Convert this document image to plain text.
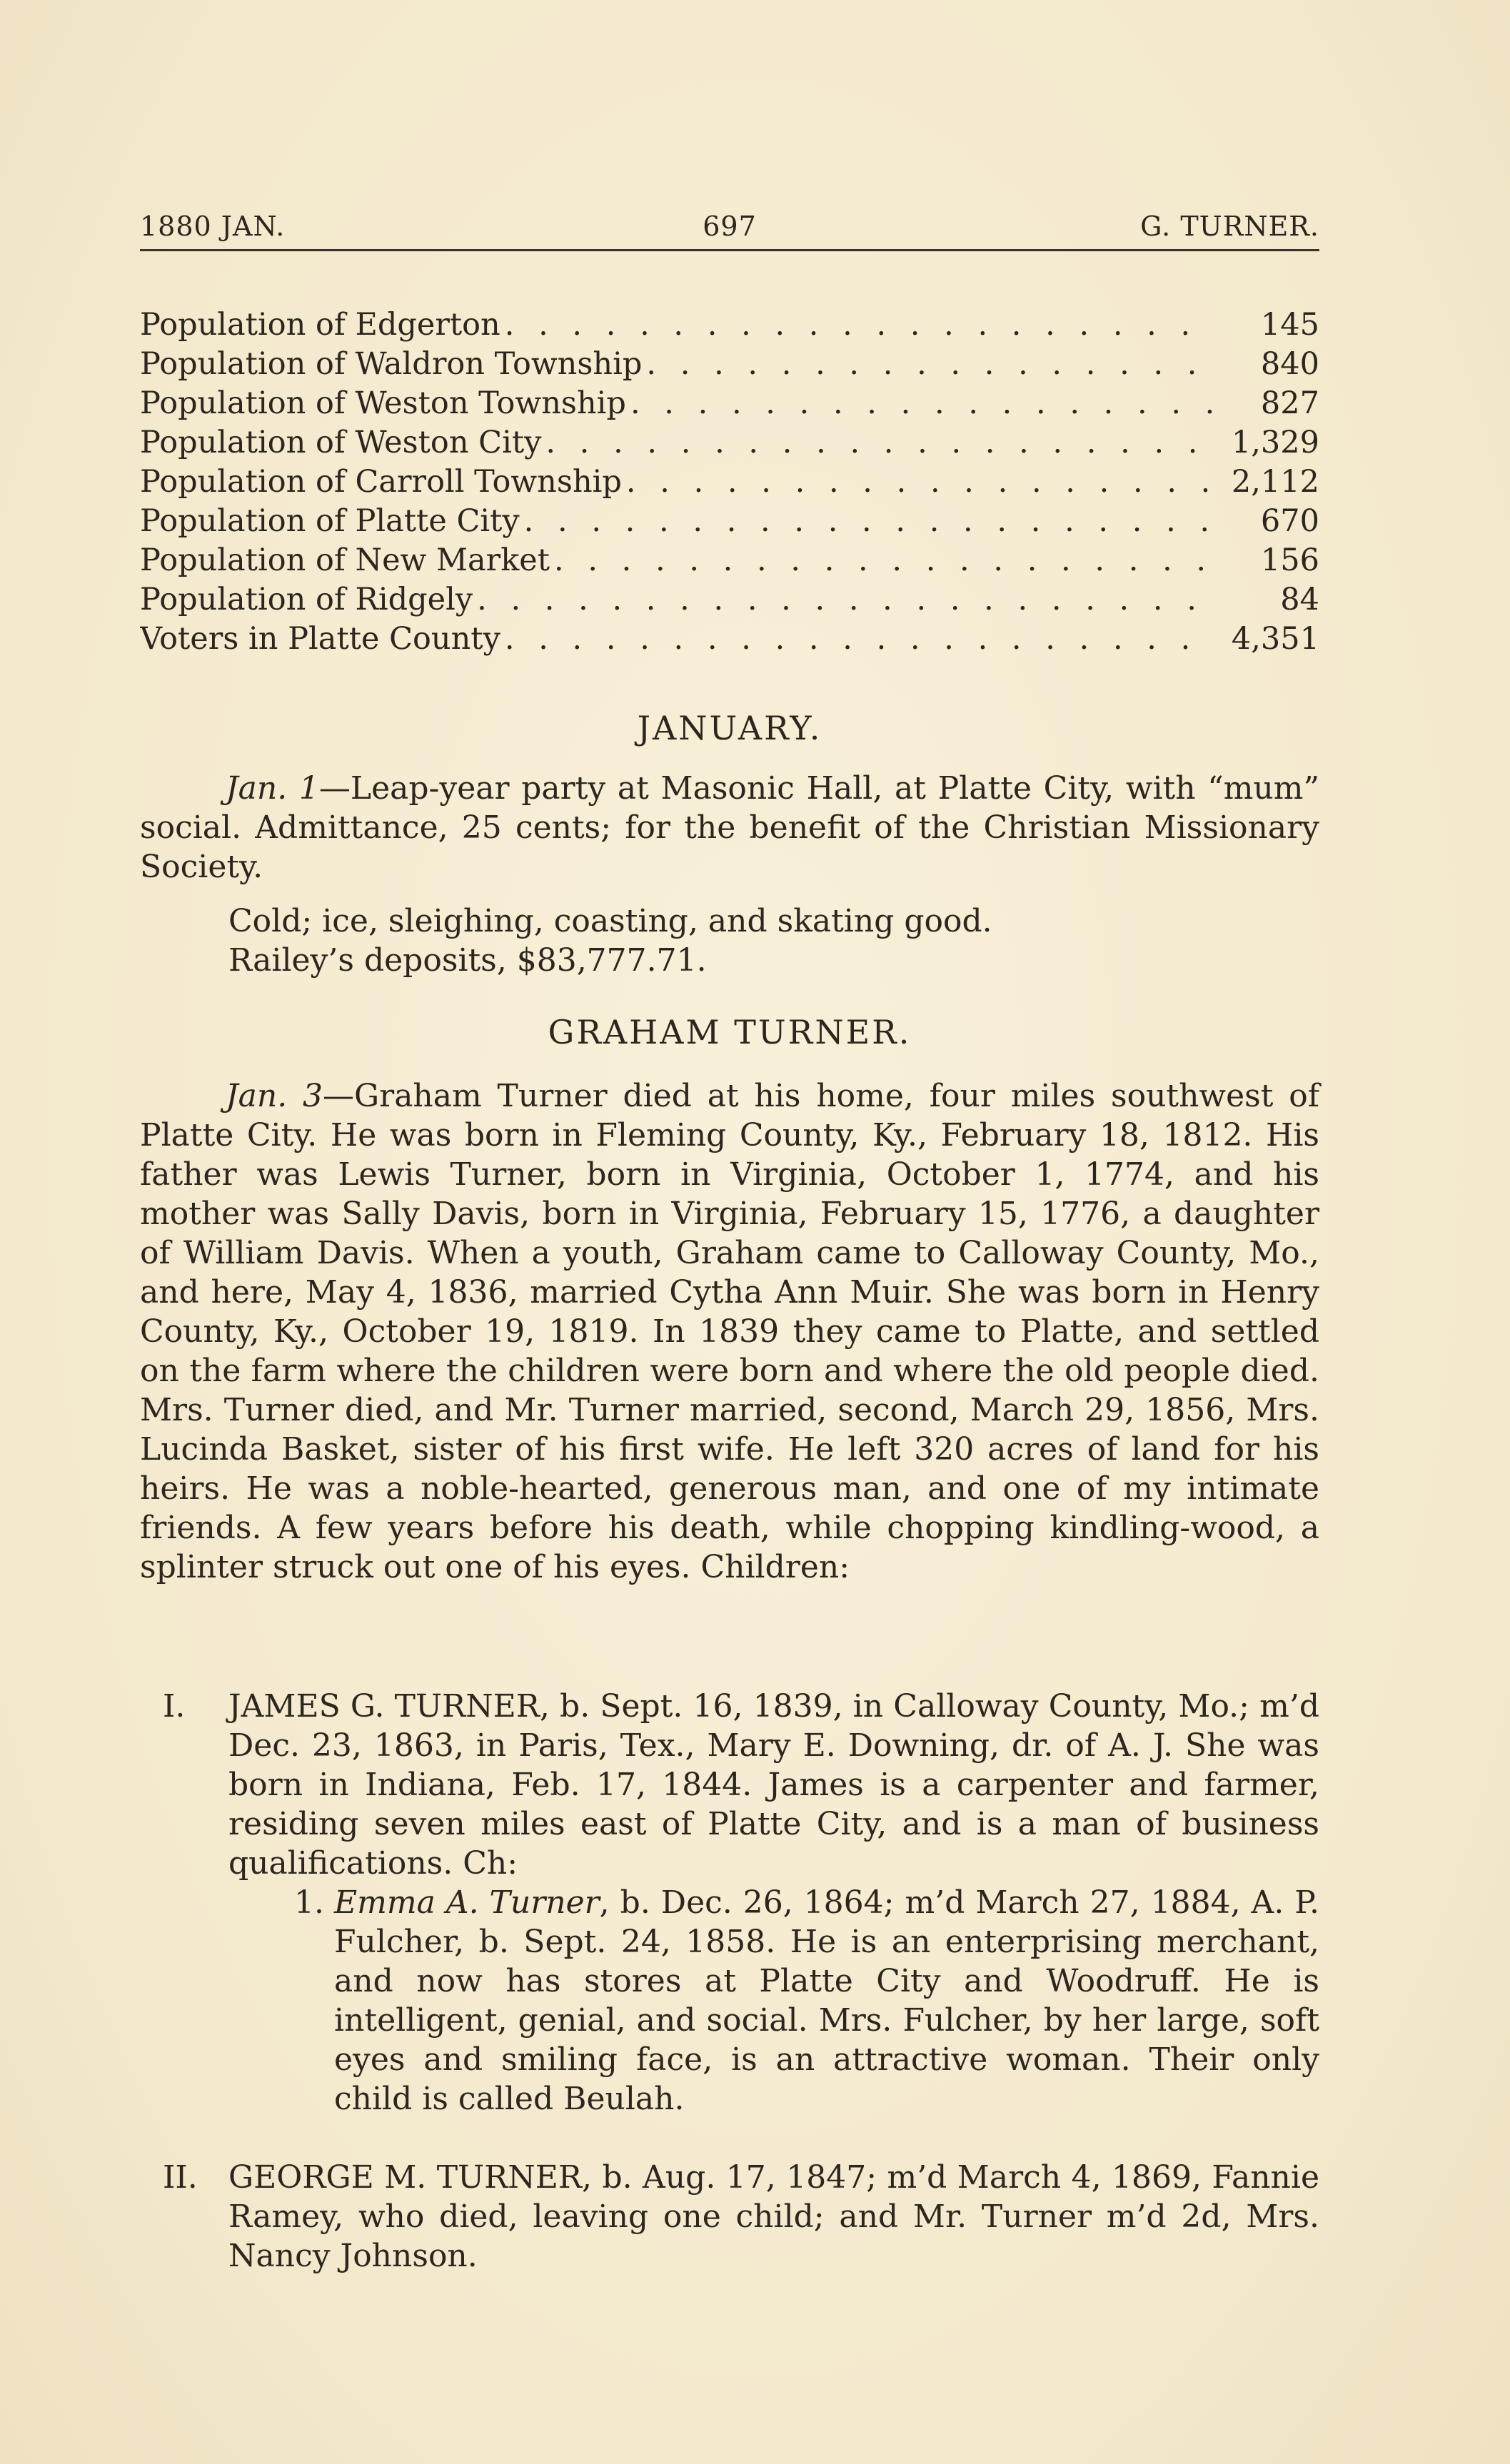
1880 JAN.	697	G. TURNER.
Population of Edgerton . . .	145
Population of Waldron Township . . .	840
Population of Weston Township . . .	827
Population of Weston City . . .	1,329
Population of Carroll Township . . .	2,112
Population of Platte City . . .	670
Population of New Market . . .	156
Population of Ridgely . . .	84
Voters in Platte County . . .	4,351
JANUARY.

Jan. 1—Leap-year party at Masonic Hall, at Platte City, with “mum” social. Admittance, 25 cents; for the benefit of the Christian Missionary Society.

Cold; ice, sleighing, coasting, and skating good.
Railey’s deposits, $83,777.71.
GRAHAM TURNER.

Jan. 3—Graham Turner died at his home, four miles southwest of Platte City. He was born in Fleming County, Ky., February 18, 1812. His father was Lewis Turner, born in Virginia, October 1, 1774, and his mother was Sally Davis, born in Virginia, February 15, 1776, a daughter of William Davis. When a youth, Graham came to Calloway County, Mo., and here, May 4, 1836, married Cytha Ann Muir. She was born in Henry County, Ky., October 19, 1819. In 1839 they came to Platte, and settled on the farm where the children were born and where the old people died. Mrs. Turner died, and Mr. Turner married, second, March 29, 1856, Mrs. Lucinda Basket, sister of his first wife. He left 320 acres of land for his heirs. He was a noble-hearted, generous man, and one of my intimate friends. A few years before his death, while chopping kindling-wood, a splinter struck out one of his eyes. Children:

I. JAMES G. TURNER, b. Sept. 16, 1839, in Calloway County, Mo.; m’d Dec. 23, 1863, in Paris, Tex., Mary E. Downing, dr. of A. J. She was born in Indiana, Feb. 17, 1844. James is a carpenter and farmer, residing seven miles east of Platte City, and is a man of business qualifications. Ch:

1. Emma A. Turner, b. Dec. 26, 1864; m’d March 27, 1884, A. P. Fulcher, b. Sept. 24, 1858. He is an enterprising merchant, and now has stores at Platte City and Woodruff. He is intelligent, genial, and social. Mrs. Fulcher, by her large, soft eyes and smiling face, is an attractive woman. Their only child is called Beulah.

II. GEORGE M. TURNER, b. Aug. 17, 1847; m’d March 4, 1869, Fannie Ramey, who died, leaving one child; and Mr. Turner m’d 2d, Mrs. Nancy Johnson.
